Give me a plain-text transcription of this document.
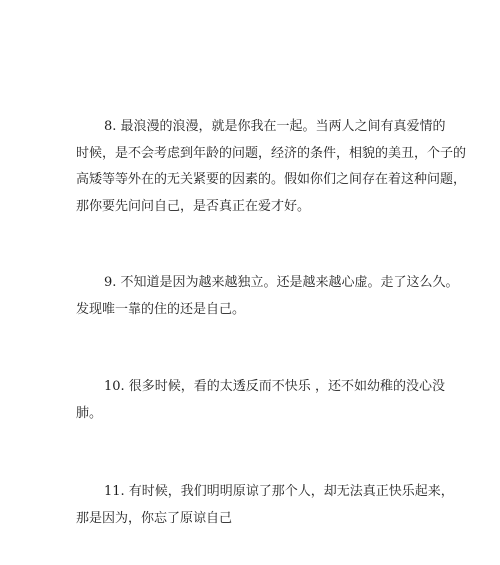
8. 最浪漫的浪漫，就是你我在一起。当两人之间有真爱情的
时候，是不会考虑到年龄的问题，经济的条件，相貌的美丑，个子的
高矮等等外在的无关紧要的因素的。假如你们之间存在着这种问题，
那你要先问问自己，是否真正在爱才好。
9. 不知道是因为越来越独立。还是越来越心虚。走了这么久。
发现唯一靠的住的还是自己。
10. 很多时候，看的太透反而不快乐 ，还不如幼稚的没心没
肺。
11. 有时候，我们明明原谅了那个人，却无法真正快乐起来，
那是因为，你忘了原谅自己
